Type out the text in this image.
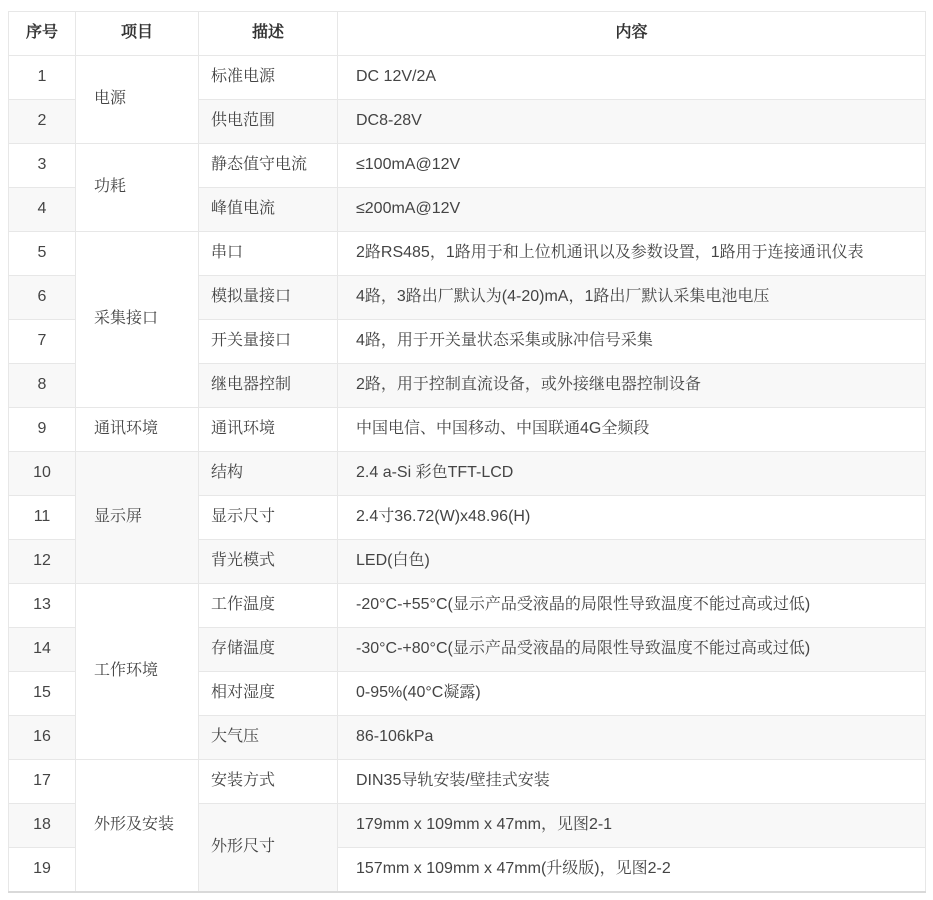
序号	项目	描述	内容
1	电源	标准电源	DC 12V/2A
2		供电范围	DC8-28V
3	功耗	静态值守电流	≤100mA@12V
4		峰值电流	≤200mA@12V
5	采集接口	串口	2路RS485，1路用于和上位机通讯以及参数设置，1路用于连接通讯仪表
6		模拟量接口	4路，3路出厂默认为(4-20)mA，1路出厂默认采集电池电压
7		开关量接口	4路，用于开关量状态采集或脉冲信号采集
8		继电器控制	2路，用于控制直流设备，或外接继电器控制设备
9	通讯环境	通讯环境	中国电信、中国移动、中国联通4G全频段
10	显示屏	结构	2.4 a-Si 彩色TFT-LCD
11		显示尺寸	2.4寸36.72(W)x48.96(H)
12		背光模式	LED(白色)
13	工作环境	工作温度	-20°C-+55°C(显示产品受液晶的局限性导致温度不能过高或过低)
14		存储温度	-30°C-+80°C(显示产品受液晶的局限性导致温度不能过高或过低)
15		相对湿度	0-95%(40°C凝露)
16		大气压	86-106kPa
17	外形及安装	安装方式	DIN35导轨安装/壁挂式安装
18		外形尺寸	179mm x 109mm x 47mm，见图2-1
19			157mm x 109mm x 47mm(升级版)，见图2-2
